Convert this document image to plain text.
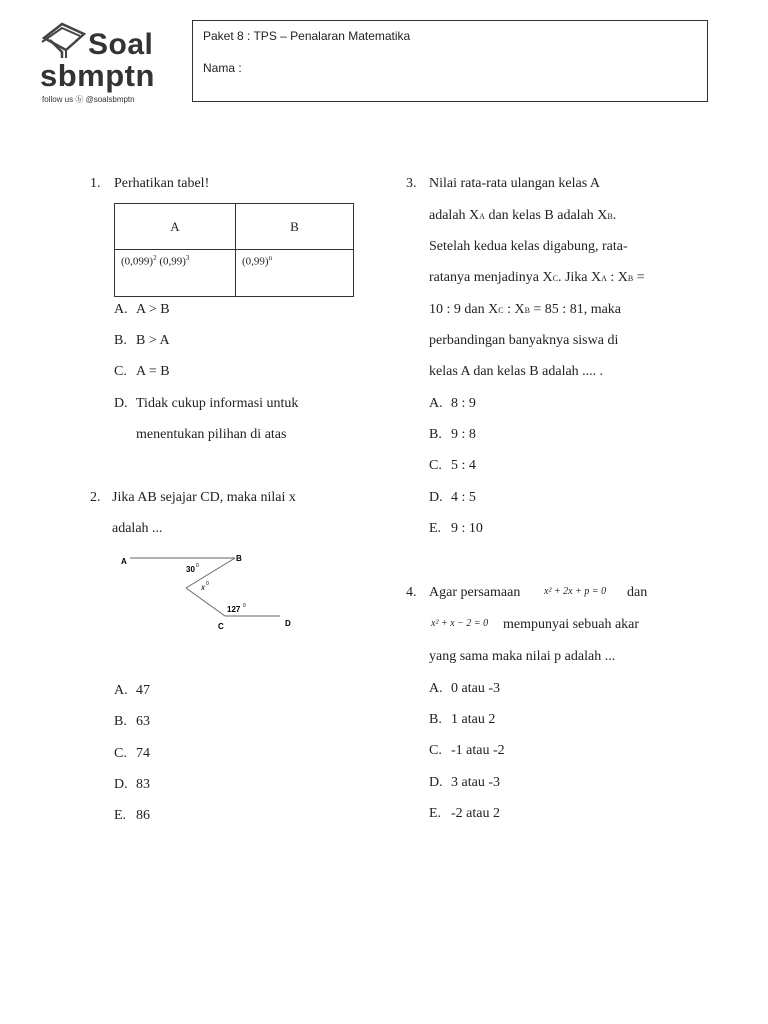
Soal
sbmptn
follow us ⓑ @soalsbmptn
Paket 8 : TPS – Penalaran Matematika
Nama :
1. Perhatikan tabel!
A	B
$(0,099)^2$ $(0,99)^3$	$(0,99)^n$
A. A > B
B. B > A
C. A = B
D. Tidak cukup informasi untuk
menentukan pilihan di atas
2. Jika AB sejajar CD, maka nilai x
adalah ...
A	B
C	D
30 0
x 0
127 0
A. 47
B. 63
C. 74
D. 83
E. 86
3. Nilai rata-rata ulangan kelas A
adalah XA dan kelas B adalah XB.
Setelah kedua kelas digabung, rata-
ratanya menjadinya XC. Jika XA : XB =
10 : 9 dan XC : XB = 85 : 81, maka
perbandingan banyaknya siswa di
kelas A dan kelas B adalah .... .
A. 8 : 9
B. 9 : 8
C. 5 : 4
D. 4 : 5
E. 9 : 10
4. Agar persamaan x² + 2x + p = 0 dan
x² + x − 2 = 0 mempunyai sebuah akar
yang sama maka nilai p adalah ...
A. 0 atau -3
B. 1 atau 2
C. -1 atau -2
D. 3 atau -3
E. -2 atau 2
